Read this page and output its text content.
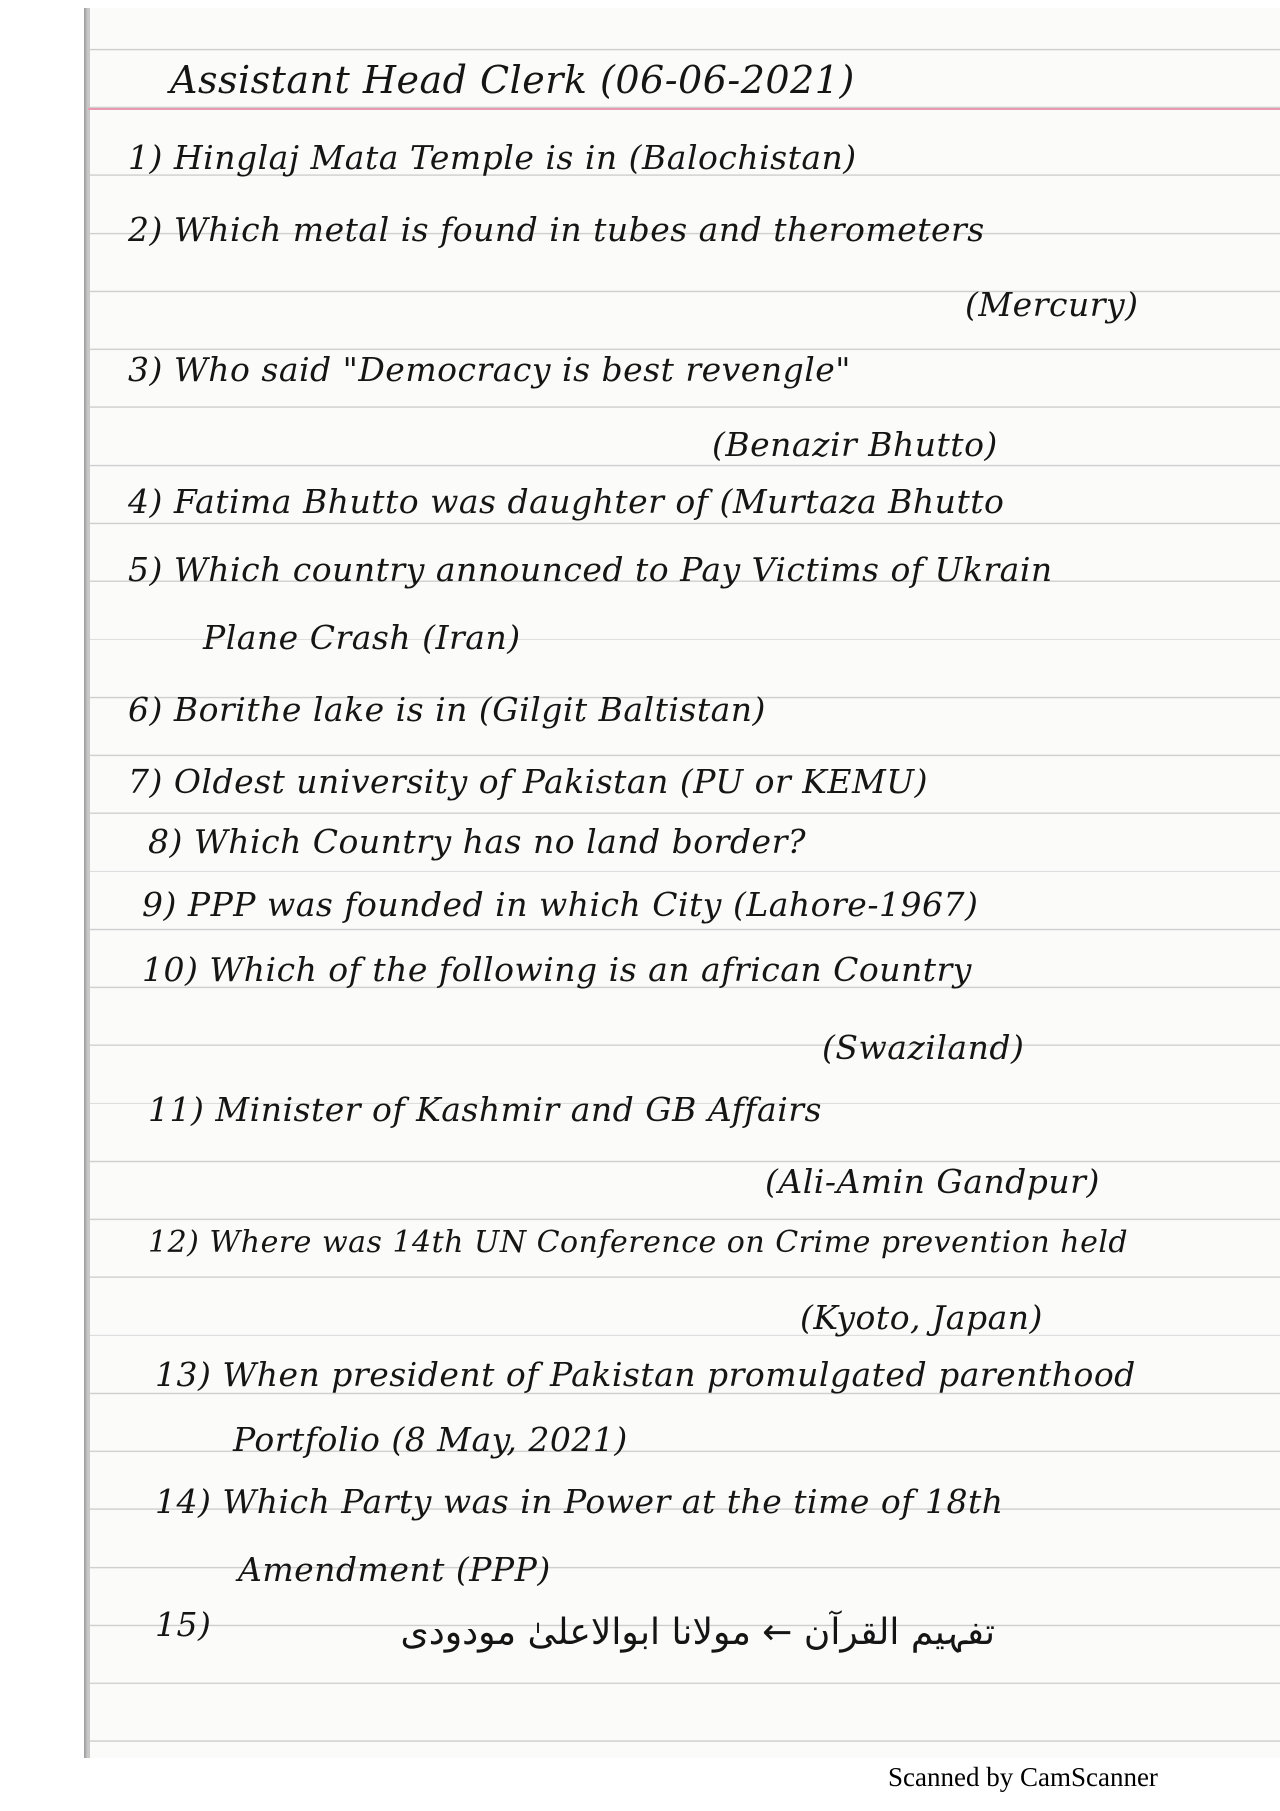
Assistant Head Clerk (06-06-2021)
1) Hinglaj Mata Temple is in (Balochistan)
2) Which metal is found in tubes and therometers
(Mercury)
3) Who said "Democracy is best revengle"
(Benazir Bhutto)
4) Fatima Bhutto was daughter of (Murtaza Bhutto
5) Which country announced to Pay Victims of Ukrain
Plane Crash (Iran)
6) Borithe lake is in (Gilgit Baltistan)
7) Oldest university of Pakistan (PU or KEMU)
8) Which Country has no land border?
9) PPP was founded in which City (Lahore-1967)
10) Which of the following is an african Country
(Swaziland)
11) Minister of Kashmir and GB Affairs
(Ali-Amin Gandpur)
12) Where was 14th UN Conference on Crime prevention held
(Kyoto, Japan)
13) When president of Pakistan promulgated parenthood
Portfolio (8 May, 2021)
14) Which Party was in Power at the time of 18th
Amendment (PPP)
15)	تفہیم القرآن ← مولانا ابوالاعلیٰ مودودی
Scanned by CamScanner
